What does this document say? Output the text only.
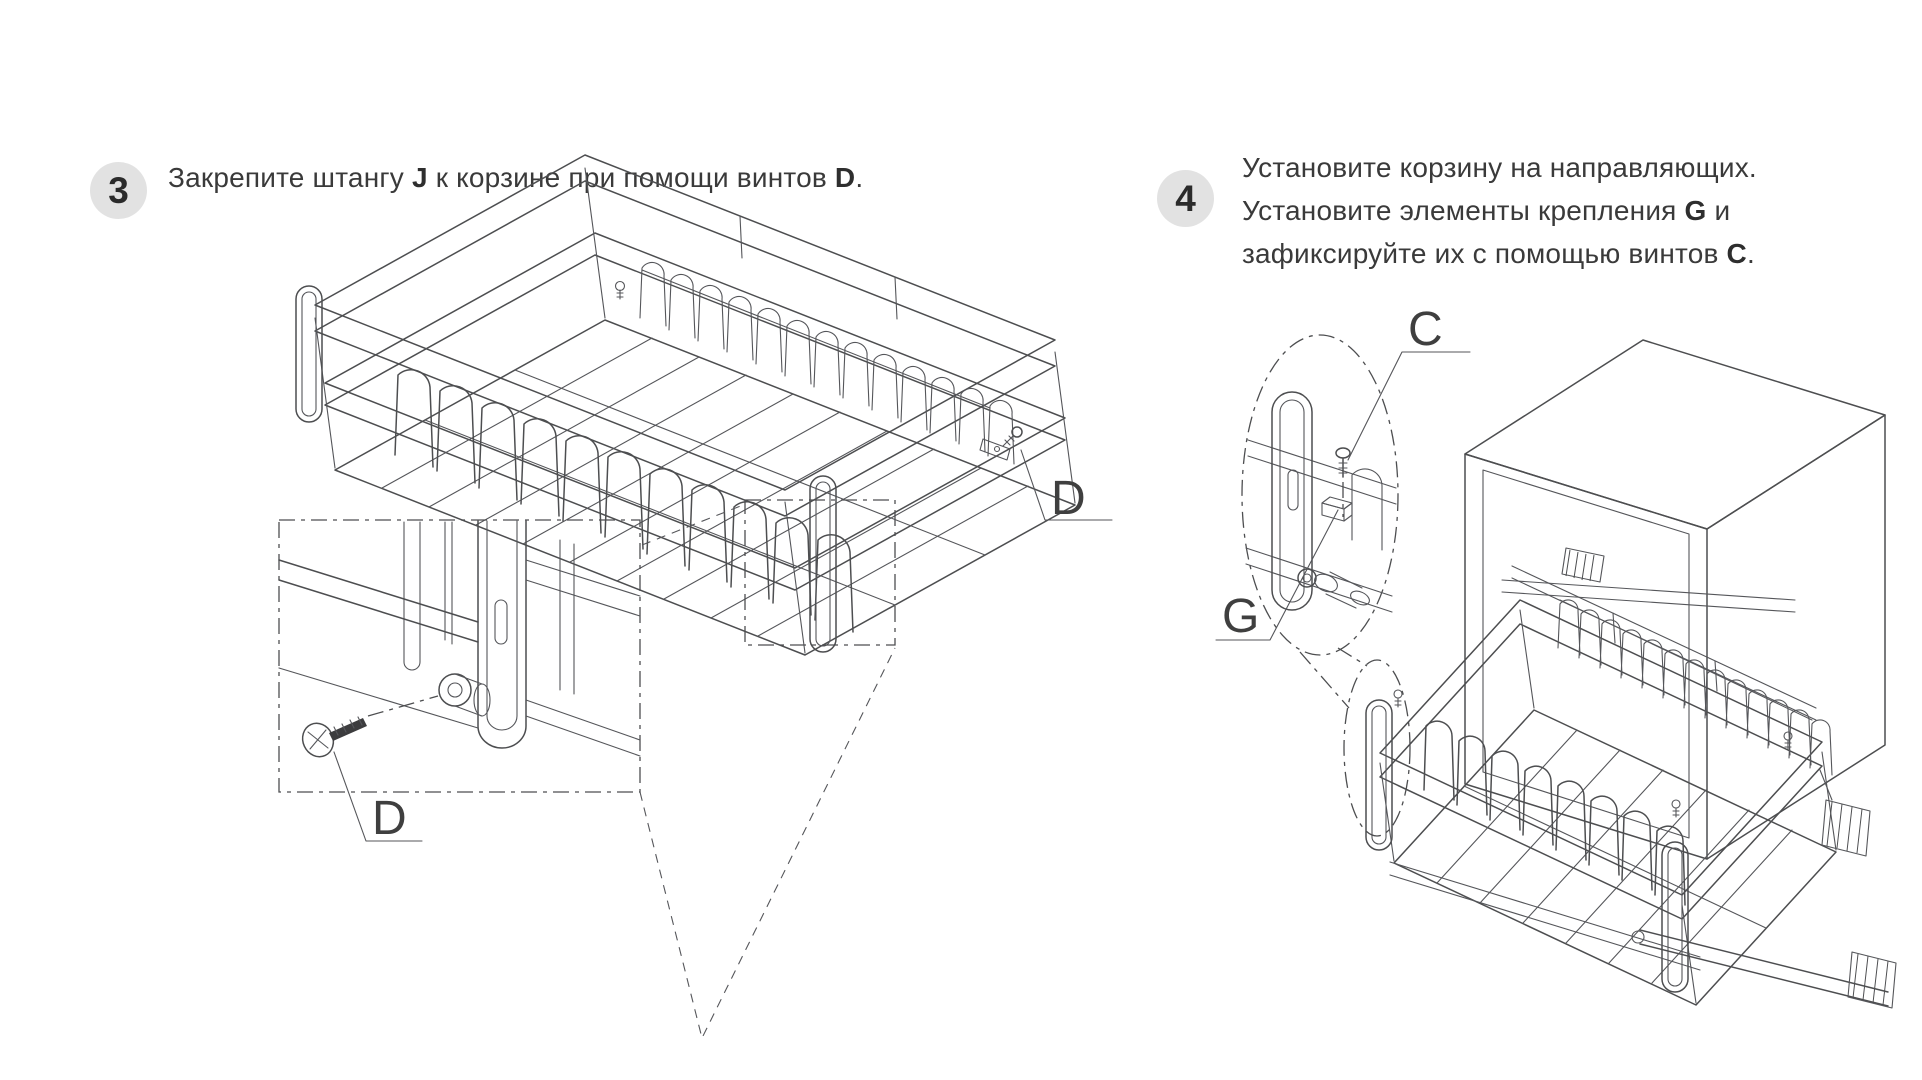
3 Закрепите штангу J к корзине при помощи винтов D.	4
Установите корзину на направляющих.
Установите элементы крепления G и
зафиксируйте их с помощью винтов C.
D
D
C
G
